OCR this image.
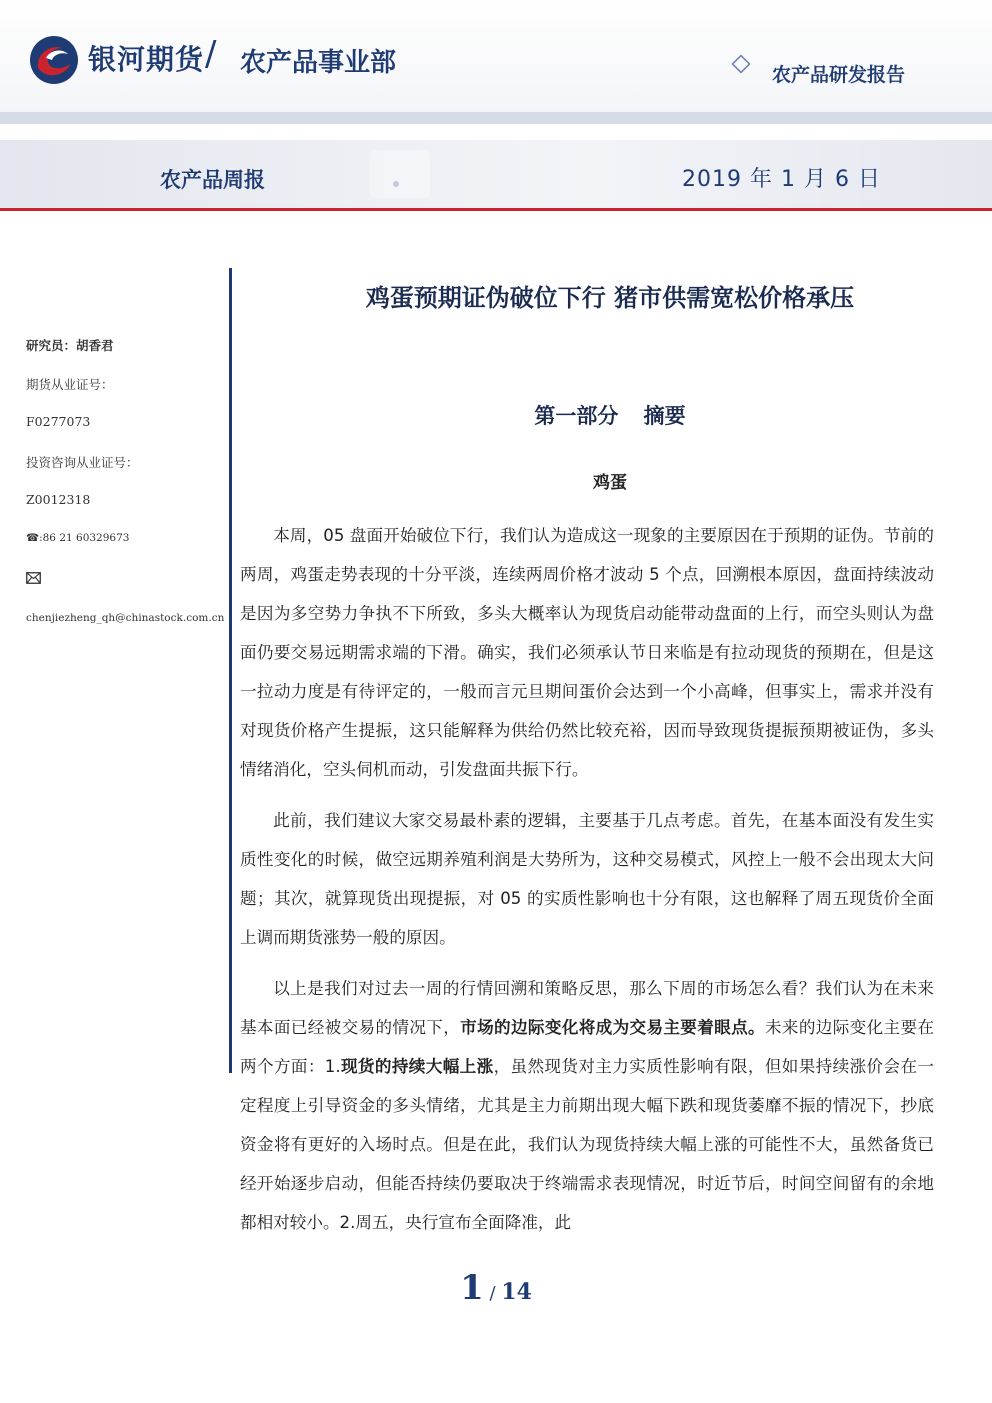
银河期货 / 农产品事业部	农产品研发报告
农产品周报	2019 年 1 月 6 日
研究员：胡香君
期货从业证号：
F0277073
投资咨询从业证号：
Z0012318
☎:86 21 60329673
chenjiezheng_qh@chinastock.com.cn
鸡蛋预期证伪破位下行 猪市供需宽松价格承压
第一部分 摘要
鸡蛋

本周，05 盘面开始破位下行，我们认为造成这一现象的主要原因在于预期的证伪。节前的两周，鸡蛋走势表现的十分平淡，连续两周价格才波动 5 个点，回溯根本原因，盘面持续波动是因为多空势力争执不下所致，多头大概率认为现货启动能带动盘面的上行，而空头则认为盘面仍要交易远期需求端的下滑。确实，我们必须承认节日来临是有拉动现货的预期在，但是这一拉动力度是有待评定的，一般而言元旦期间蛋价会达到一个小高峰，但事实上，需求并没有对现货价格产生提振，这只能解释为供给仍然比较充裕，因而导致现货提振预期被证伪，多头情绪消化，空头伺机而动，引发盘面共振下行。

此前，我们建议大家交易最朴素的逻辑，主要基于几点考虑。首先，在基本面没有发生实质性变化的时候，做空远期养殖利润是大势所为，这种交易模式，风控上一般不会出现太大问题；其次，就算现货出现提振，对 05 的实质性影响也十分有限，这也解释了周五现货价全面上调而期货涨势一般的原因。

以上是我们对过去一周的行情回溯和策略反思，那么下周的市场怎么看？我们认为在未来基本面已经被交易的情况下，市场的边际变化将成为交易主要着眼点。未来的边际变化主要在两个方面：1.现货的持续大幅上涨，虽然现货对主力实质性影响有限，但如果持续涨价会在一定程度上引导资金的多头情绪，尤其是主力前期出现大幅下跌和现货萎靡不振的情况下，抄底资金将有更好的入场时点。但是在此，我们认为现货持续大幅上涨的可能性不大，虽然备货已经开始逐步启动，但能否持续仍要取决于终端需求表现情况，时近节后，时间空间留有的余地都相对较小。2.周五，央行宣布全面降准，此

1 / 14
